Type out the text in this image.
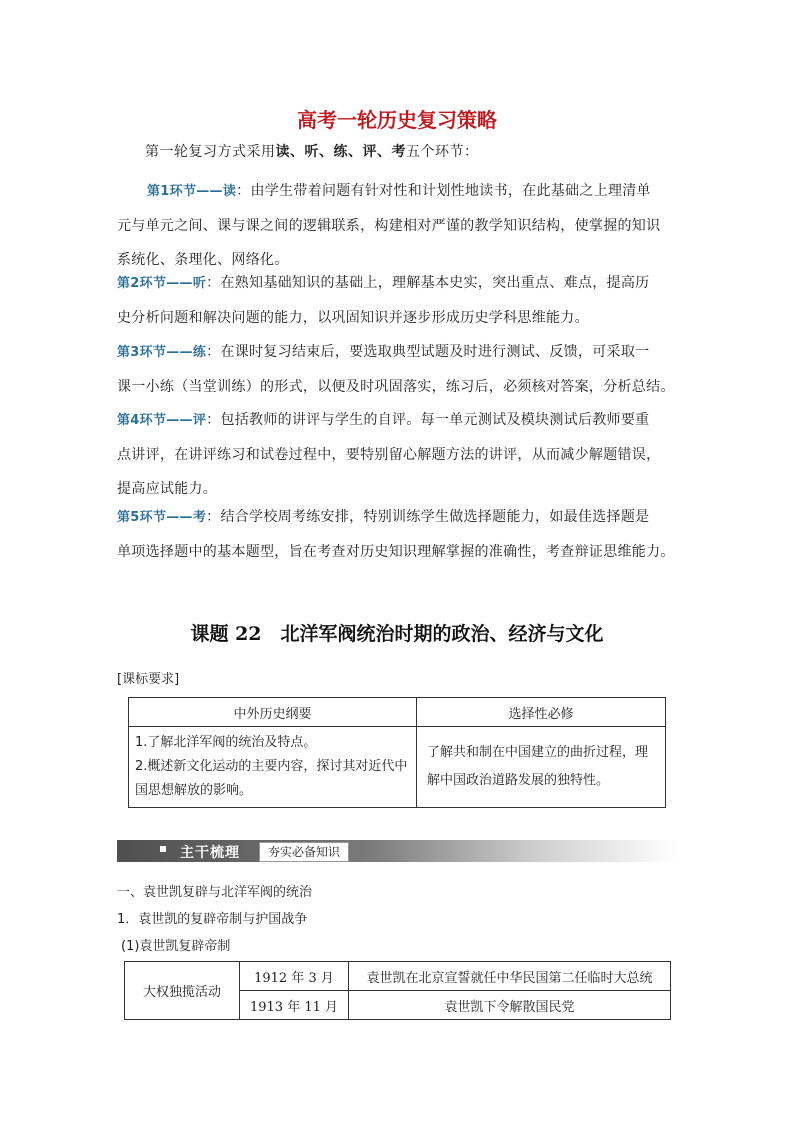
高考一轮历史复习策略
第一轮复习方式采用读、听、练、评、考五个环节：
第1环节——读：由学生带着问题有针对性和计划性地读书，在此基础之上理清单
元与单元之间、课与课之间的逻辑联系，构建相对严谨的教学知识结构，使掌握的知识
系统化、条理化、网络化。
第2环节——听：在熟知基础知识的基础上，理解基本史实，突出重点、难点，提高历
史分析问题和解决问题的能力，以巩固知识并逐步形成历史学科思维能力。
第3环节——练：在课时复习结束后，要选取典型试题及时进行测试、反馈，可采取一
课一小练（当堂训练）的形式，以便及时巩固落实，练习后，必须核对答案，分析总结。
第4环节——评：包括教师的讲评与学生的自评。每一单元测试及模块测试后教师要重
点讲评，在讲评练习和试卷过程中，要特别留心解题方法的讲评，从而减少解题错误，
提高应试能力。
第5环节——考：结合学校周考练安排，特别训练学生做选择题能力，如最佳选择题是
单项选择题中的基本题型，旨在考查对历史知识理解掌握的准确性，考查辩证思维能力。
课题 22　北洋军阀统治时期的政治、经济与文化
[课标要求]
中外历史纲要	选择性必修

1.了解北洋军阀的统治及特点。
2.概述新文化运动的主要内容，探讨其对近代中国思想解放的影响。	了解共和制在中国建立的曲折过程，理解中国政治道路发展的独特性。
主干梳理	夯实必备知识
一、袁世凯复辟与北洋军阀的统治
1．袁世凯的复辟帝制与护国战争
(1)袁世凯复辟帝制
大权独揽活动	1912 年 3 月	袁世凯在北京宣誓就任中华民国第二任临时大总统
	1913 年 11 月	袁世凯下令解散国民党
